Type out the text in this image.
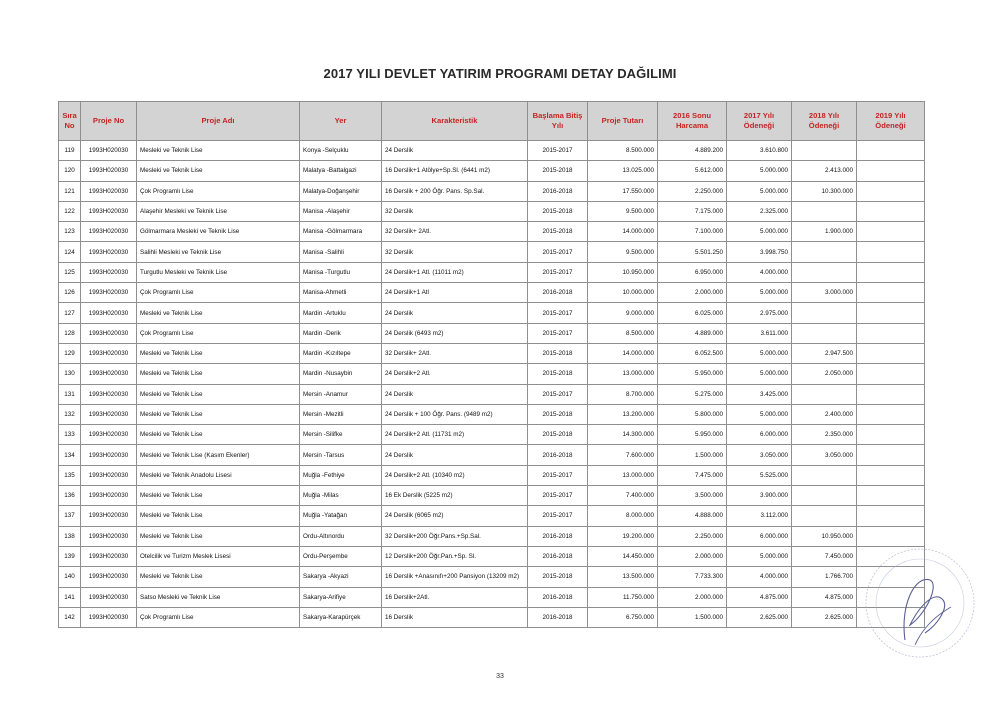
2017 YILI DEVLET YATIRIM PROGRAMI DETAY DAĞILIMI
Sıra No	Proje No	Proje Adı	Yer	Karakteristik	Başlama Bitiş Yılı	Proje Tutarı	2016 Sonu Harcama	2017 Yılı Ödeneği	2018 Yılı Ödeneği	2019 Yılı Ödeneği
119	1993H020030	Mesleki ve Teknik Lise	Konya -Selçuklu	24 Derslik	2015-2017	8.500.000	4.889.200	3.610.800		
120	1993H020030	Mesleki ve Teknik Lise	Malatya -Battalgazi	16 Derslik+1 Atölye+Sp.Sl. (6441 m2)	2015-2018	13.025.000	5.612.000	5.000.000	2.413.000	
121	1993H020030	Çok Programlı Lise	Malatya-Doğanşehir	16 Derslik + 200 Öğr. Pans. Sp.Sal.	2016-2018	17.550.000	2.250.000	5.000.000	10.300.000	
122	1993H020030	Alaşehir Mesleki ve Teknik Lise	Manisa -Alaşehir	32 Derslik	2015-2018	9.500.000	7.175.000	2.325.000		
123	1993H020030	Gölmarmara Mesleki ve Teknik Lise	Manisa -Gölmarmara	32 Derslik+ 2Atl.	2015-2018	14.000.000	7.100.000	5.000.000	1.900.000	
124	1993H020030	Salihli Mesleki ve Teknik Lise	Manisa -Salihli	32 Derslik	2015-2017	9.500.000	5.501.250	3.998.750		
125	1993H020030	Turgutlu Mesleki ve Teknik Lise	Manisa -Turgutlu	24 Derslik+1 Atl. (11011 m2)	2015-2017	10.950.000	6.950.000	4.000.000		
126	1993H020030	Çok Programlı Lise	Manisa-Ahmetli	24 Derslik+1 Atl	2016-2018	10.000.000	2.000.000	5.000.000	3.000.000	
127	1993H020030	Mesleki ve Teknik Lise	Mardin -Artuklu	24 Derslik	2015-2017	9.000.000	6.025.000	2.975.000		
128	1993H020030	Çok Programlı Lise	Mardin -Derik	24 Derslik (6493 m2)	2015-2017	8.500.000	4.889.000	3.611.000		
129	1993H020030	Mesleki ve Teknik Lise	Mardin -Kızıltepe	32 Derslik+ 2Atl.	2015-2018	14.000.000	6.052.500	5.000.000	2.947.500	
130	1993H020030	Mesleki ve Teknik Lise	Mardin -Nusaybin	24 Derslik+2 Atl.	2015-2018	13.000.000	5.950.000	5.000.000	2.050.000	
131	1993H020030	Mesleki ve Teknik Lise	Mersin -Anamur	24 Derslik	2015-2017	8.700.000	5.275.000	3.425.000		
132	1993H020030	Mesleki ve Teknik Lise	Mersin -Mezitli	24 Derslik + 100 Öğr. Pans. (9489 m2)	2015-2018	13.200.000	5.800.000	5.000.000	2.400.000	
133	1993H020030	Mesleki ve Teknik Lise	Mersin -Silifke	24 Derslik+2 Atl. (11731 m2)	2015-2018	14.300.000	5.950.000	6.000.000	2.350.000	
134	1993H020030	Mesleki ve Teknik Lise (Kasım Ekenler)	Mersin -Tarsus	24 Derslik	2016-2018	7.600.000	1.500.000	3.050.000	3.050.000	
135	1993H020030	Mesleki ve Teknik Anadolu Lisesi	Muğla -Fethiye	24 Derslik+2 Atl. (10340 m2)	2015-2017	13.000.000	7.475.000	5.525.000		
136	1993H020030	Mesleki ve Teknik Lise	Muğla -Milas	16 Ek Derslik (5225 m2)	2015-2017	7.400.000	3.500.000	3.900.000		
137	1993H020030	Mesleki ve Teknik Lise	Muğla -Yatağan	24 Derslik (6065 m2)	2015-2017	8.000.000	4.888.000	3.112.000		
138	1993H020030	Mesleki ve Teknik Lise	Ordu-Altınordu	32 Derslik+200 Öğr.Pans.+Sp.Sal.	2016-2018	19.200.000	2.250.000	6.000.000	10.950.000	
139	1993H020030	Otelcilik ve Turizm Meslek Lisesi	Ordu-Perşembe	12 Derslik+200 Öğr.Pan.+Sp. Sl.	2016-2018	14.450.000	2.000.000	5.000.000	7.450.000	
140	1993H020030	Mesleki ve Teknik Lise	Sakarya -Akyazi	16 Derslik +Anasınıfı+200 Pansiyon (13209 m2)	2015-2018	13.500.000	7.733.300	4.000.000	1.766.700	
141	1993H020030	Satso Mesleki ve Teknik Lise	Sakarya-Arifiye	16 Derslik+2Atl.	2016-2018	11.750.000	2.000.000	4.875.000	4.875.000	
142	1993H020030	Çok Programlı Lise	Sakarya-Karapürçek	16 Derslik	2016-2018	6.750.000	1.500.000	2.625.000	2.625.000	
33
